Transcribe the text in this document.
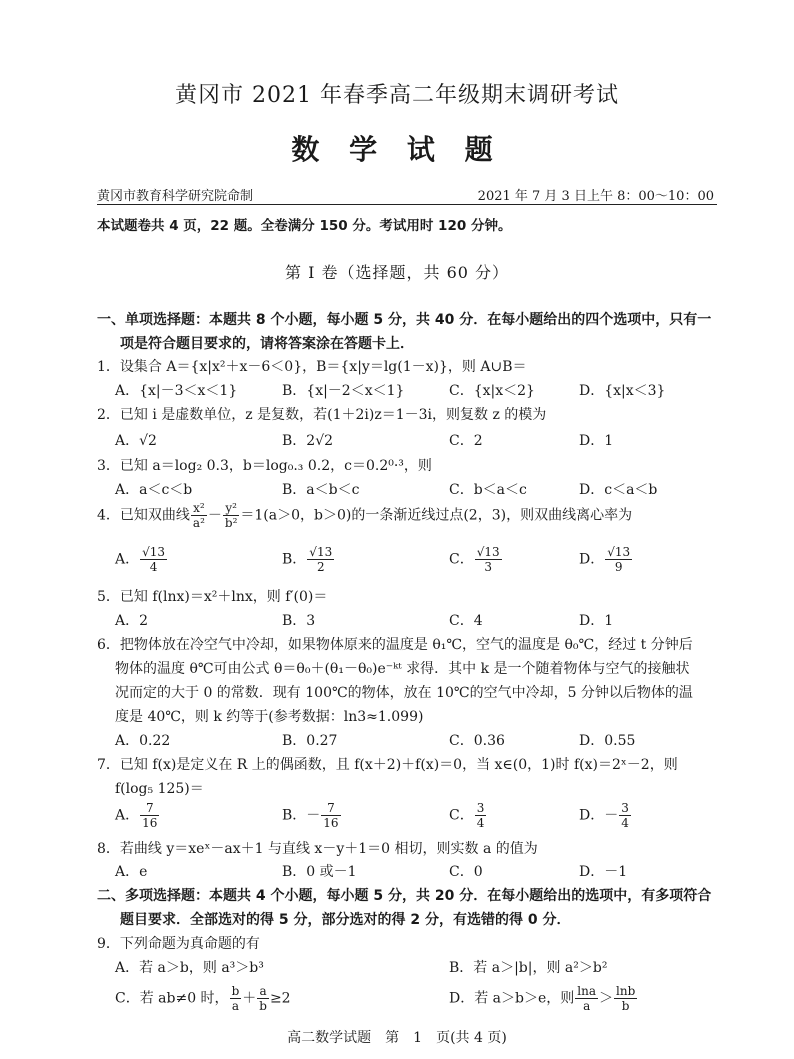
黄冈市 2021 年春季高二年级期末调研考试
数 学 试 题
黄冈市教育科学研究院命制	2021 年 7 月 3 日上午 8：00～10：00
本试题卷共 4 页，22 题。全卷满分 150 分。考试用时 120 分钟。
第 Ⅰ 卷（选择题，共 60 分）
一、单项选择题：本题共 8 个小题，每小题 5 分，共 40 分．在每小题给出的四个选项中，只有一
项是符合题目要求的，请将答案涂在答题卡上．
1．设集合 A＝{x|x²＋x－6＜0}，B＝{x|y＝lg(1－x)}，则 A∪B＝
A．{x|－3＜x＜1}	B．{x|－2＜x＜1}	C．{x|x＜2}	D．{x|x＜3}
2．已知 i 是虚数单位，z 是复数，若(1＋2i)z＝1－3i，则复数 z 的模为
A．√2	B．2√2	C．2	D．1
3．已知 a＝log₂ 0.3，b＝log₀.₃ 0.2，c＝0.2⁰·³，则
A．a＜c＜b	B．a＜b＜c	C．b＜a＜c	D．c＜a＜b
4．已知双曲线 $\frac{\text{x²}}{\text{a²}} - \frac{\text{y²}}{\text{b²}} =1(a>0$，b＞0)的一条渐近线过点(2，3)，则双曲线离心率为
A． $\frac{√13}{4}$	B． $\frac{√13}{2}$	C． $\frac{√13}{3}$	D． $\frac{√13}{9}$
5．已知 f(lnx)＝x²＋lnx，则 f′(0)＝
A．2	B．3	C．4	D．1
6．把物体放在冷空气中冷却，如果物体原来的温度是 θ₁℃，空气的温度是 θ₀℃，经过 t 分钟后
物体的温度 θ℃可由公式 θ＝θ₀＋(θ₁－θ₀)e⁻ᵏᵗ 求得．其中 k 是一个随着物体与空气的接触状
况而定的大于 0 的常数．现有 100℃的物体，放在 10℃的空气中冷却，5 分钟以后物体的温
度是 40℃，则 k 约等于(参考数据：ln3≈1.099)
A．0.22	B．0.27	C．0.36	D．0.55
7．已知 f(x)是定义在 R 上的偶函数，且 f(x＋2)＋f(x)＝0，当 x∈(0，1)时 f(x)＝2ˣ－2，则
f(log₅ 125)＝
A． $\frac{7}{16}$	B．－ $\frac{7}{16}$	C． $\frac{3}{4}$	D．－ $\frac{3}{4}$
8．若曲线 y＝xeˣ－ax＋1 与直线 x－y＋1＝0 相切，则实数 a 的值为
A．e	B．0 或－1	C．0	D．－1
二、多项选择题：本题共 4 个小题，每小题 5 分，共 20 分．在每小题给出的选项中，有多项符合
题目要求．全部选对的得 5 分，部分选对的得 2 分，有选错的得 0 分．
9．下列命题为真命题的有
A．若 a＞b，则 a³＞b³	B．若 a＞|b|，则 a²＞b²
C．若 ab≠0 时， $\frac{b}{a} + \frac{a}{b} \ge 2$	D．若 a＞b＞e，则 $\frac{\ln a}{a} > \frac{\ln b}{b}$
高二数学试题　第　1　页(共 4 页)
